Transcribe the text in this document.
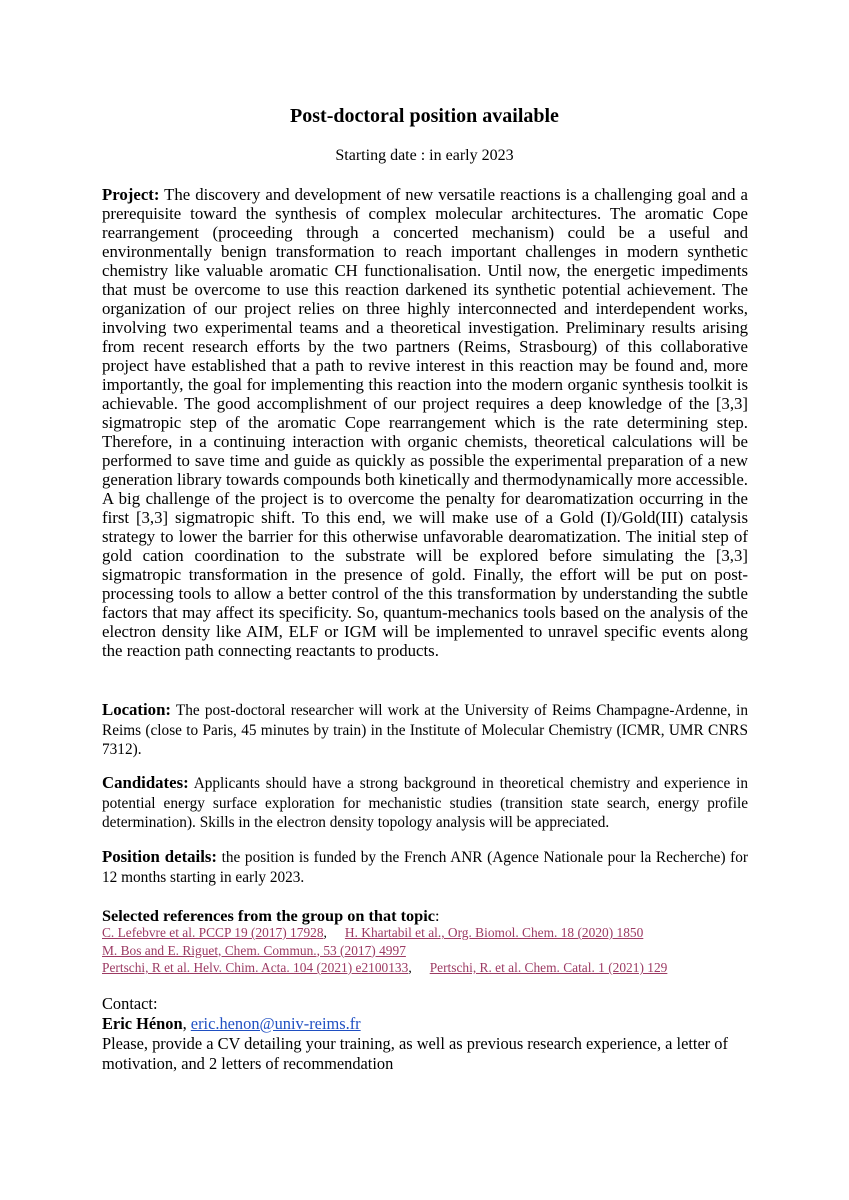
Post-doctoral position available
Starting date : in early 2023
Project: The discovery and development of new versatile reactions is a challenging goal and a prerequisite toward the synthesis of complex molecular architectures. The aromatic Cope rearrangement (proceeding through a concerted mechanism) could be a useful and environmentally benign transformation to reach important challenges in modern synthetic chemistry like valuable aromatic CH functionalisation. Until now, the energetic impediments that must be overcome to use this reaction darkened its synthetic potential achievement. The organization of our project relies on three highly interconnected and interdependent works, involving two experimental teams and a theoretical investigation. Preliminary results arising from recent research efforts by the two partners (Reims, Strasbourg) of this collaborative project have established that a path to revive interest in this reaction may be found and, more importantly, the goal for implementing this reaction into the modern organic synthesis toolkit is achievable. The good accomplishment of our project requires a deep knowledge of the [3,3] sigmatropic step of the aromatic Cope rearrangement which is the rate determining step. Therefore, in a continuing interaction with organic chemists, theoretical calculations will be performed to save time and guide as quickly as possible the experimental preparation of a new generation library towards compounds both kinetically and thermodynamically more accessible. A big challenge of the project is to overcome the penalty for dearomatization occurring in the first [3,3] sigmatropic shift. To this end, we will make use of a Gold (I)/Gold(III) catalysis strategy to lower the barrier for this otherwise unfavorable dearomatization. The initial step of gold cation coordination to the substrate will be explored before simulating the [3,3] sigmatropic transformation in the presence of gold. Finally, the effort will be put on post-processing tools to allow a better control of the this transformation by understanding the subtle factors that may affect its specificity. So, quantum-mechanics tools based on the analysis of the electron density like AIM, ELF or IGM will be implemented to unravel specific events along the reaction path connecting reactants to products.
Location: The post-doctoral researcher will work at the University of Reims Champagne-Ardenne, in Reims (close to Paris, 45 minutes by train) in the Institute of Molecular Chemistry (ICMR, UMR CNRS 7312).
Candidates: Applicants should have a strong background in theoretical chemistry and experience in potential energy surface exploration for mechanistic studies (transition state search, energy profile determination). Skills in the electron density topology analysis will be appreciated.
Position details: the position is funded by the French ANR (Agence Nationale pour la Recherche) for 12 months starting in early 2023.
Selected references from the group on that topic:
C. Lefebvre et al. PCCP 19 (2017) 17928, H. Khartabil et al., Org. Biomol. Chem. 18 (2020) 1850
M. Bos and E. Riguet, Chem. Commun., 53 (2017) 4997
Pertschi, R et al. Helv. Chim. Acta. 104 (2021) e2100133, Pertschi, R. et al. Chem. Catal. 1 (2021) 129
Contact:
Eric Hénon, eric.henon@univ-reims.fr
Please, provide a CV detailing your training, as well as previous research experience, a letter of motivation, and 2 letters of recommendation
